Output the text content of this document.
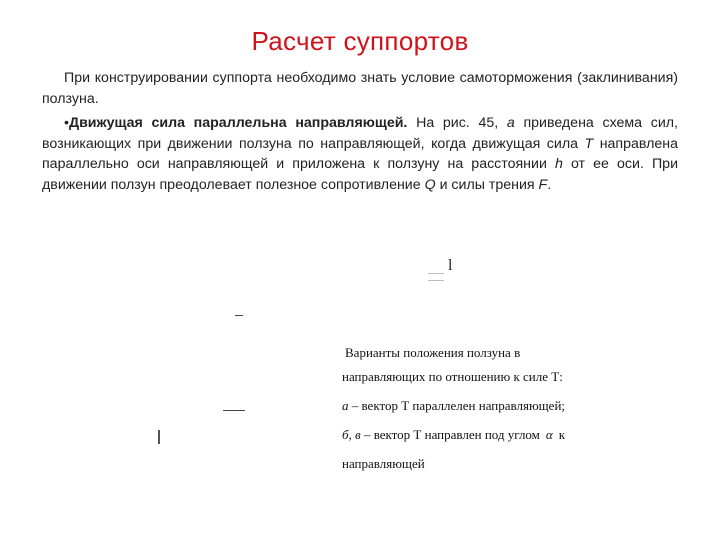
Расчет суппортов

При конструировании суппорта необходимо знать условие самоторможения (заклинивания) ползуна.

•Движущая сила параллельна направляющей. На рис. 45, а приведена схема сил, возникающих при движении ползуна по направляющей, когда движущая сила Т направлена параллельно оси направляющей и приложена к ползуну на расстоянии h от ее оси. При движении ползун преодолевает полезное сопротивление Q и силы трения F.

l
Варианты положения ползуна в
направляющих по отношению к силе Т:
а – вектор Т параллелен направляющей;
б, в – вектор Т направлен под углом α к
направляющей
